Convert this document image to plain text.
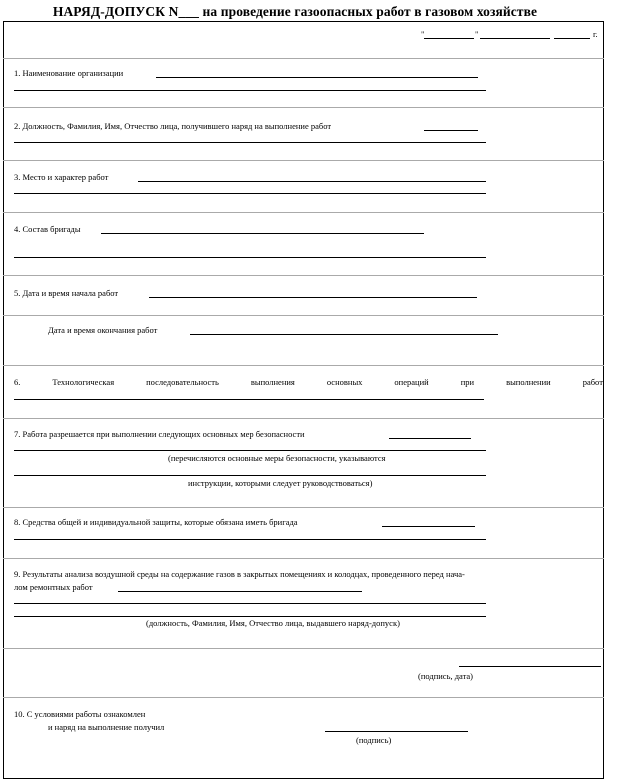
НАРЯД-ДОПУСК N___ на проведение газоопасных работ в газовом хозяйстве
"	"	г.
1. Наименование организации
2. Должность, Фамилия, Имя, Отчество лица, получившего наряд на выполнение работ
3. Место и характер работ
4. Состав бригады
5. Дата и время начала работ
Дата и время окончания работ
6.	Технологическая	последовательность	выполнения	основных	операций	при	выполнении	работ
7. Работа разрешается при выполнении следующих основных мер безопасности
(перечисляются основные меры безопасности, указываются
инструкции, которыми следует руководствоваться)
8. Средства общей и индивидуальной защиты, которые обязана иметь бригада
9. Результаты анализа воздушной среды на содержание газов в закрытых помещениях и колодцах, проведенного перед нача-
лом ремонтных работ
(должность, Фамилия, Имя, Отчество лица, выдавшего наряд-допуск)
(подпись, дата)
10. С условиями работы ознакомлен
и наряд на выполнение получил
(подпись)
